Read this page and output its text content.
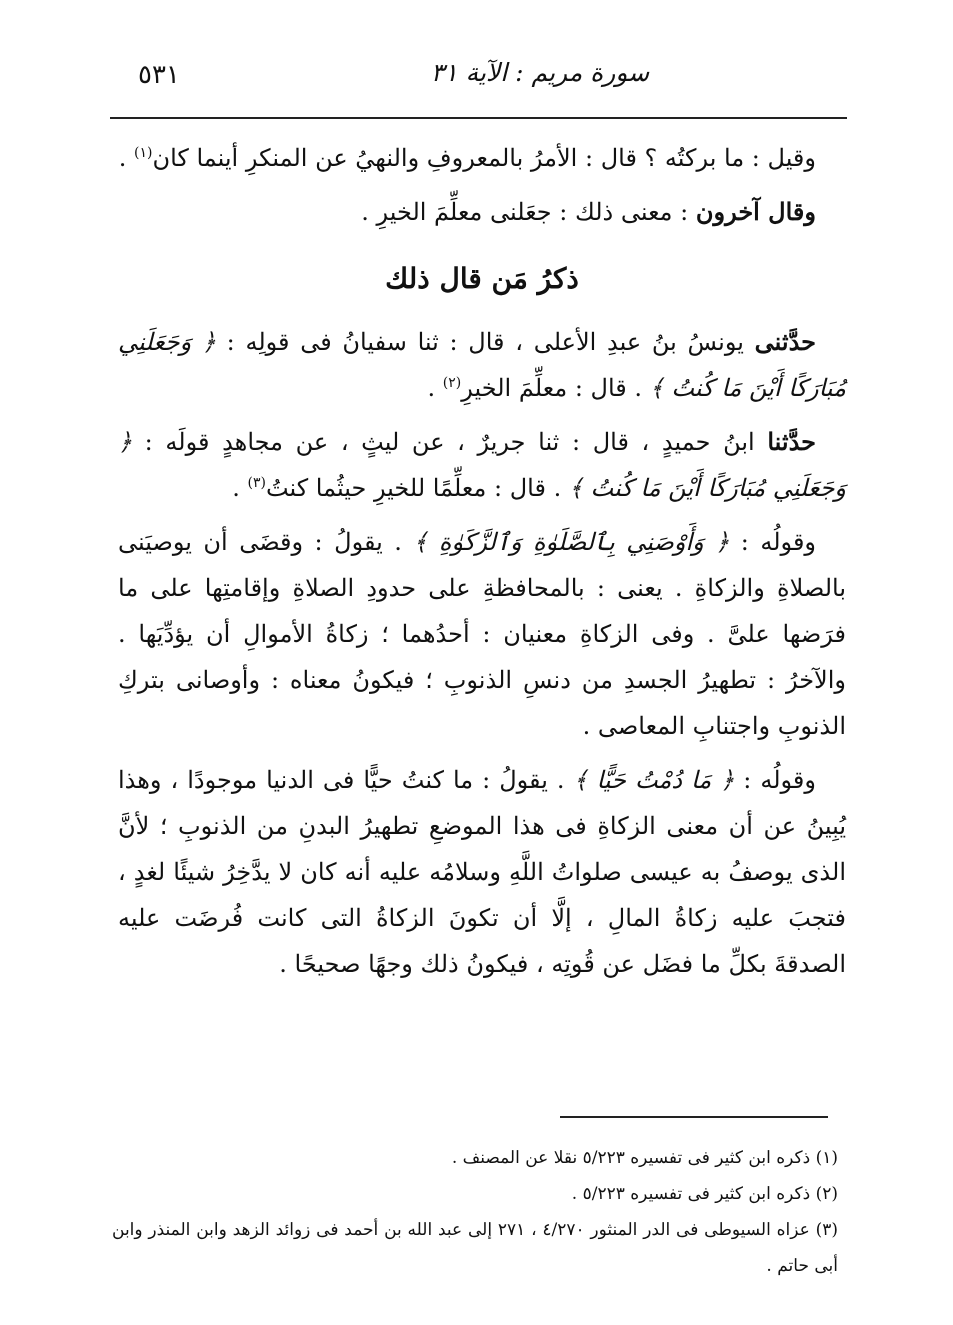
٥٣١	سورة مريم : الآية ٣١

وقيل : ما بركتُه ؟ قال : الأمرُ بالمعروفِ والنهيُ عن المنكرِ أينما كان$^{(١)}$ .

وقال آخرون : معنى ذلك : جعَلنى معلِّمَ الخيرِ .

ذكرُ مَن قال ذلك

حدَّثنى يونسُ بنُ عبدِ الأعلى ، قال : ثنا سفيانُ فى قولِه : ﴿ وَجَعَلَنِي مُبَارَكًا أَيْنَ مَا كُنتُ ﴾ . قال : معلِّمَ الخيرِ$^{(٢)}$ .

حدَّثنا ابنُ حميدٍ ، قال : ثنا جريرٌ ، عن ليثٍ ، عن مجاهدٍ قولَه : ﴿ وَجَعَلَنِي مُبَارَكًا أَيْنَ مَا كُنتُ ﴾ . قال : معلِّمًا للخيرِ حيثُما كنتُ$^{(٣)}$ .

وقولُه : ﴿ وَأَوْصَنِي بِٱلصَّلَوٰةِ وَٱلزَّكَوٰةِ ﴾ . يقولُ : وقضَى أن يوصيَنى بالصلاةِ والزكاةِ . يعنى : بالمحافظةِ على حدودِ الصلاةِ وإقامتِها على ما فرَضها علىَّ . وفى الزكاةِ معنيان : أحدُهما ؛ زكاةُ الأموالِ أن يؤدِّيَها . والآخرُ : تطهيرُ الجسدِ من دنسِ الذنوبِ ؛ فيكونُ معناه : وأوصانى بتركِ الذنوبِ واجتنابِ المعاصى .

وقولُه : ﴿ مَا دُمْتُ حَيًّا ﴾ . يقولُ : ما كنتُ حيًّا فى الدنيا موجودًا ، وهذا يُبِينُ عن أن معنى الزكاةِ فى هذا الموضعِ تطهيرُ البدنِ من الذنوبِ ؛ لأنَّ الذى يوصفُ به عيسى صلواتُ اللَّهِ وسلامُه عليه أنه كان لا يدَّخِرُ شيئًا لغدٍ ، فتجبَ عليه زكاةُ المالِ ، إلَّا أن تكونَ الزكاةُ التى كانت فُرضَت عليه الصدقةَ بكلِّ ما فضَل عن قُوتِه ، فيكونُ ذلك وجهًا صحيحًا .

(١) ذكره ابن كثير فى تفسيره ٥/٢٢٣ نقلا عن المصنف .

(٢) ذكره ابن كثير فى تفسيره ٥/٢٢٣ .

(٣) عزاه السيوطى فى الدر المنثور ٤/٢٧٠ ، ٢٧١ إلى عبد الله بن أحمد فى زوائد الزهد وابن المنذر وابن أبى حاتم .
